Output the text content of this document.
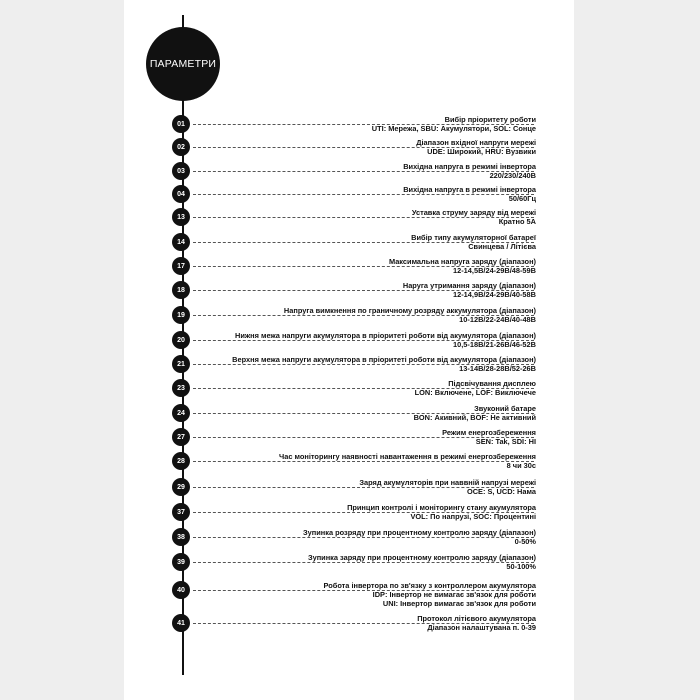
ПАРАМЕТРИ
01	Вибір пріоритету роботи
UTI: Мережа, SBU: Акумулятори, SOL: Сонце
02	Діапазон вхідної напруги мережі
UDE: Широкий, HRU: Вузвики
03	Вихідна напруга в режимі інвертора
220/230/240В
04	Вихідна напруга в режимі інвертора
50/60Гц
13	Уставка струму заряду від мережі
Кратно 5А
14	Вибір типу акумуляторної батареї
Свинцева / Літієва
17	Максимальна напруга заряду (діапазон)
12-14,5В/24-29В/48-59В
18	Наруга утримання заряду (діапазон)
12-14,9В/24-29В/40-58В
19	Напруга вимкнення по граничному розряду аккумулятора (діапазон)
10-12В/22-24В/40-48В
20	Нижня межа напруги акумулятора в пріоритеті роботи від акумулятора (діапазон)
10,5-18В/21-26В/46-52В
21	Верхня межа напруги акумулятора в пріоритеті роботи від акумулятора (діапазон)
13-14В/28-28В/52-26В
23	Підсвічування дисплею
LON: Включене, LOF: Виключече
24	Звуконий батаре
BON: Акивний, BOF: Не активний
27	Режим енергозбереження
SEN: Tak, SDI: HI
28	Час моніторингу наявності навантаження в режимі енергозбереження
8 чи 30с
29	Заряд акумуляторів при наввній напрузі мережі
OCE: S, UCD: Нама
37	Принцип контролі і моніторингу стану акумулятора
VOL: По напрузі, SOC: Процентині
38	Зупинка розряду при процентному контролю заряду (діапазон)
0-50%
39	Зупинка заряду при процентному контролю заряду (діапазон)
50-100%
40	Робота інвертора по зв'язку з контроллером акумулятора
IDP: Інвертор не вимагає зв'язок для роботи
UNI: Інвертор вимагає зв'язок для роботи
41	Протокол літієвого акумулятора
Діапазон налаштувана п. 0-39
